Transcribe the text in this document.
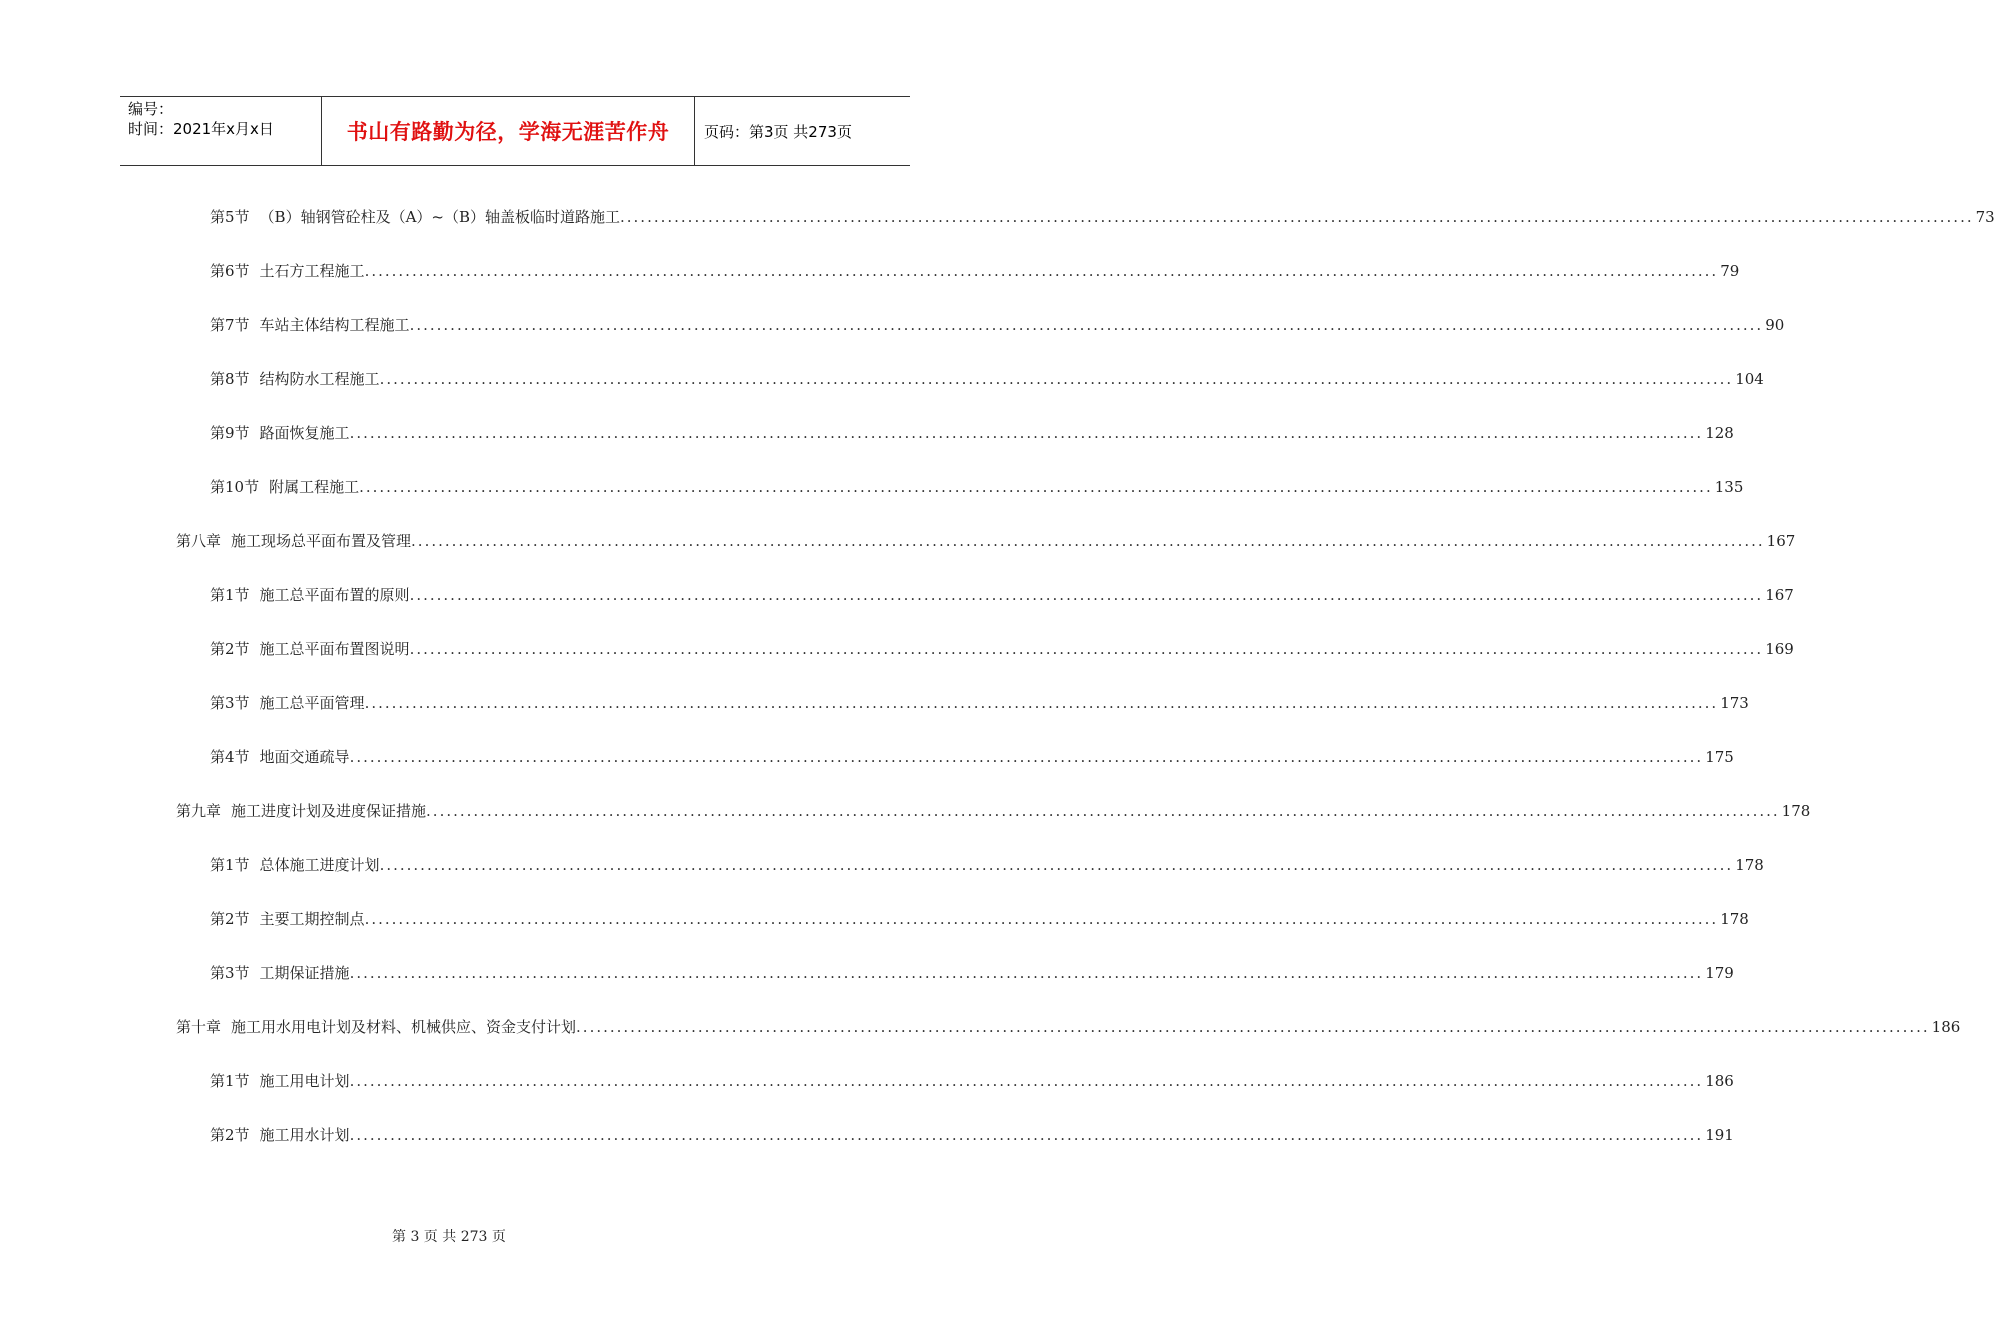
编号：
时间：2021年x月x日	书山有路勤为径，学海无涯苦作舟	页码：第3页 共273页
第5节 （B）轴钢管砼柱及（A）~（B）轴盖板临时道路施工 ........................................................................................................................................................................................................ 73
第6节 土石方工程施工 ........................................................................................................................................................................................................ 79
第7节 车站主体结构工程施工 ........................................................................................................................................................................................................ 90
第8节 结构防水工程施工 ........................................................................................................................................................................................................ 104
第9节 路面恢复施工 ........................................................................................................................................................................................................ 128
第10节 附属工程施工 ........................................................................................................................................................................................................ 135
第八章 施工现场总平面布置及管理 ........................................................................................................................................................................................................ 167
第1节 施工总平面布置的原则 ........................................................................................................................................................................................................ 167
第2节 施工总平面布置图说明 ........................................................................................................................................................................................................ 169
第3节 施工总平面管理 ........................................................................................................................................................................................................ 173
第4节 地面交通疏导 ........................................................................................................................................................................................................ 175
第九章 施工进度计划及进度保证措施 ........................................................................................................................................................................................................ 178
第1节 总体施工进度计划 ........................................................................................................................................................................................................ 178
第2节 主要工期控制点 ........................................................................................................................................................................................................ 178
第3节 工期保证措施 ........................................................................................................................................................................................................ 179
第十章 施工用水用电计划及材料、机械供应、资金支付计划 ........................................................................................................................................................................................................ 186
第1节 施工用电计划 ........................................................................................................................................................................................................ 186
第2节 施工用水计划 ........................................................................................................................................................................................................ 191
第 3 页 共 273 页
